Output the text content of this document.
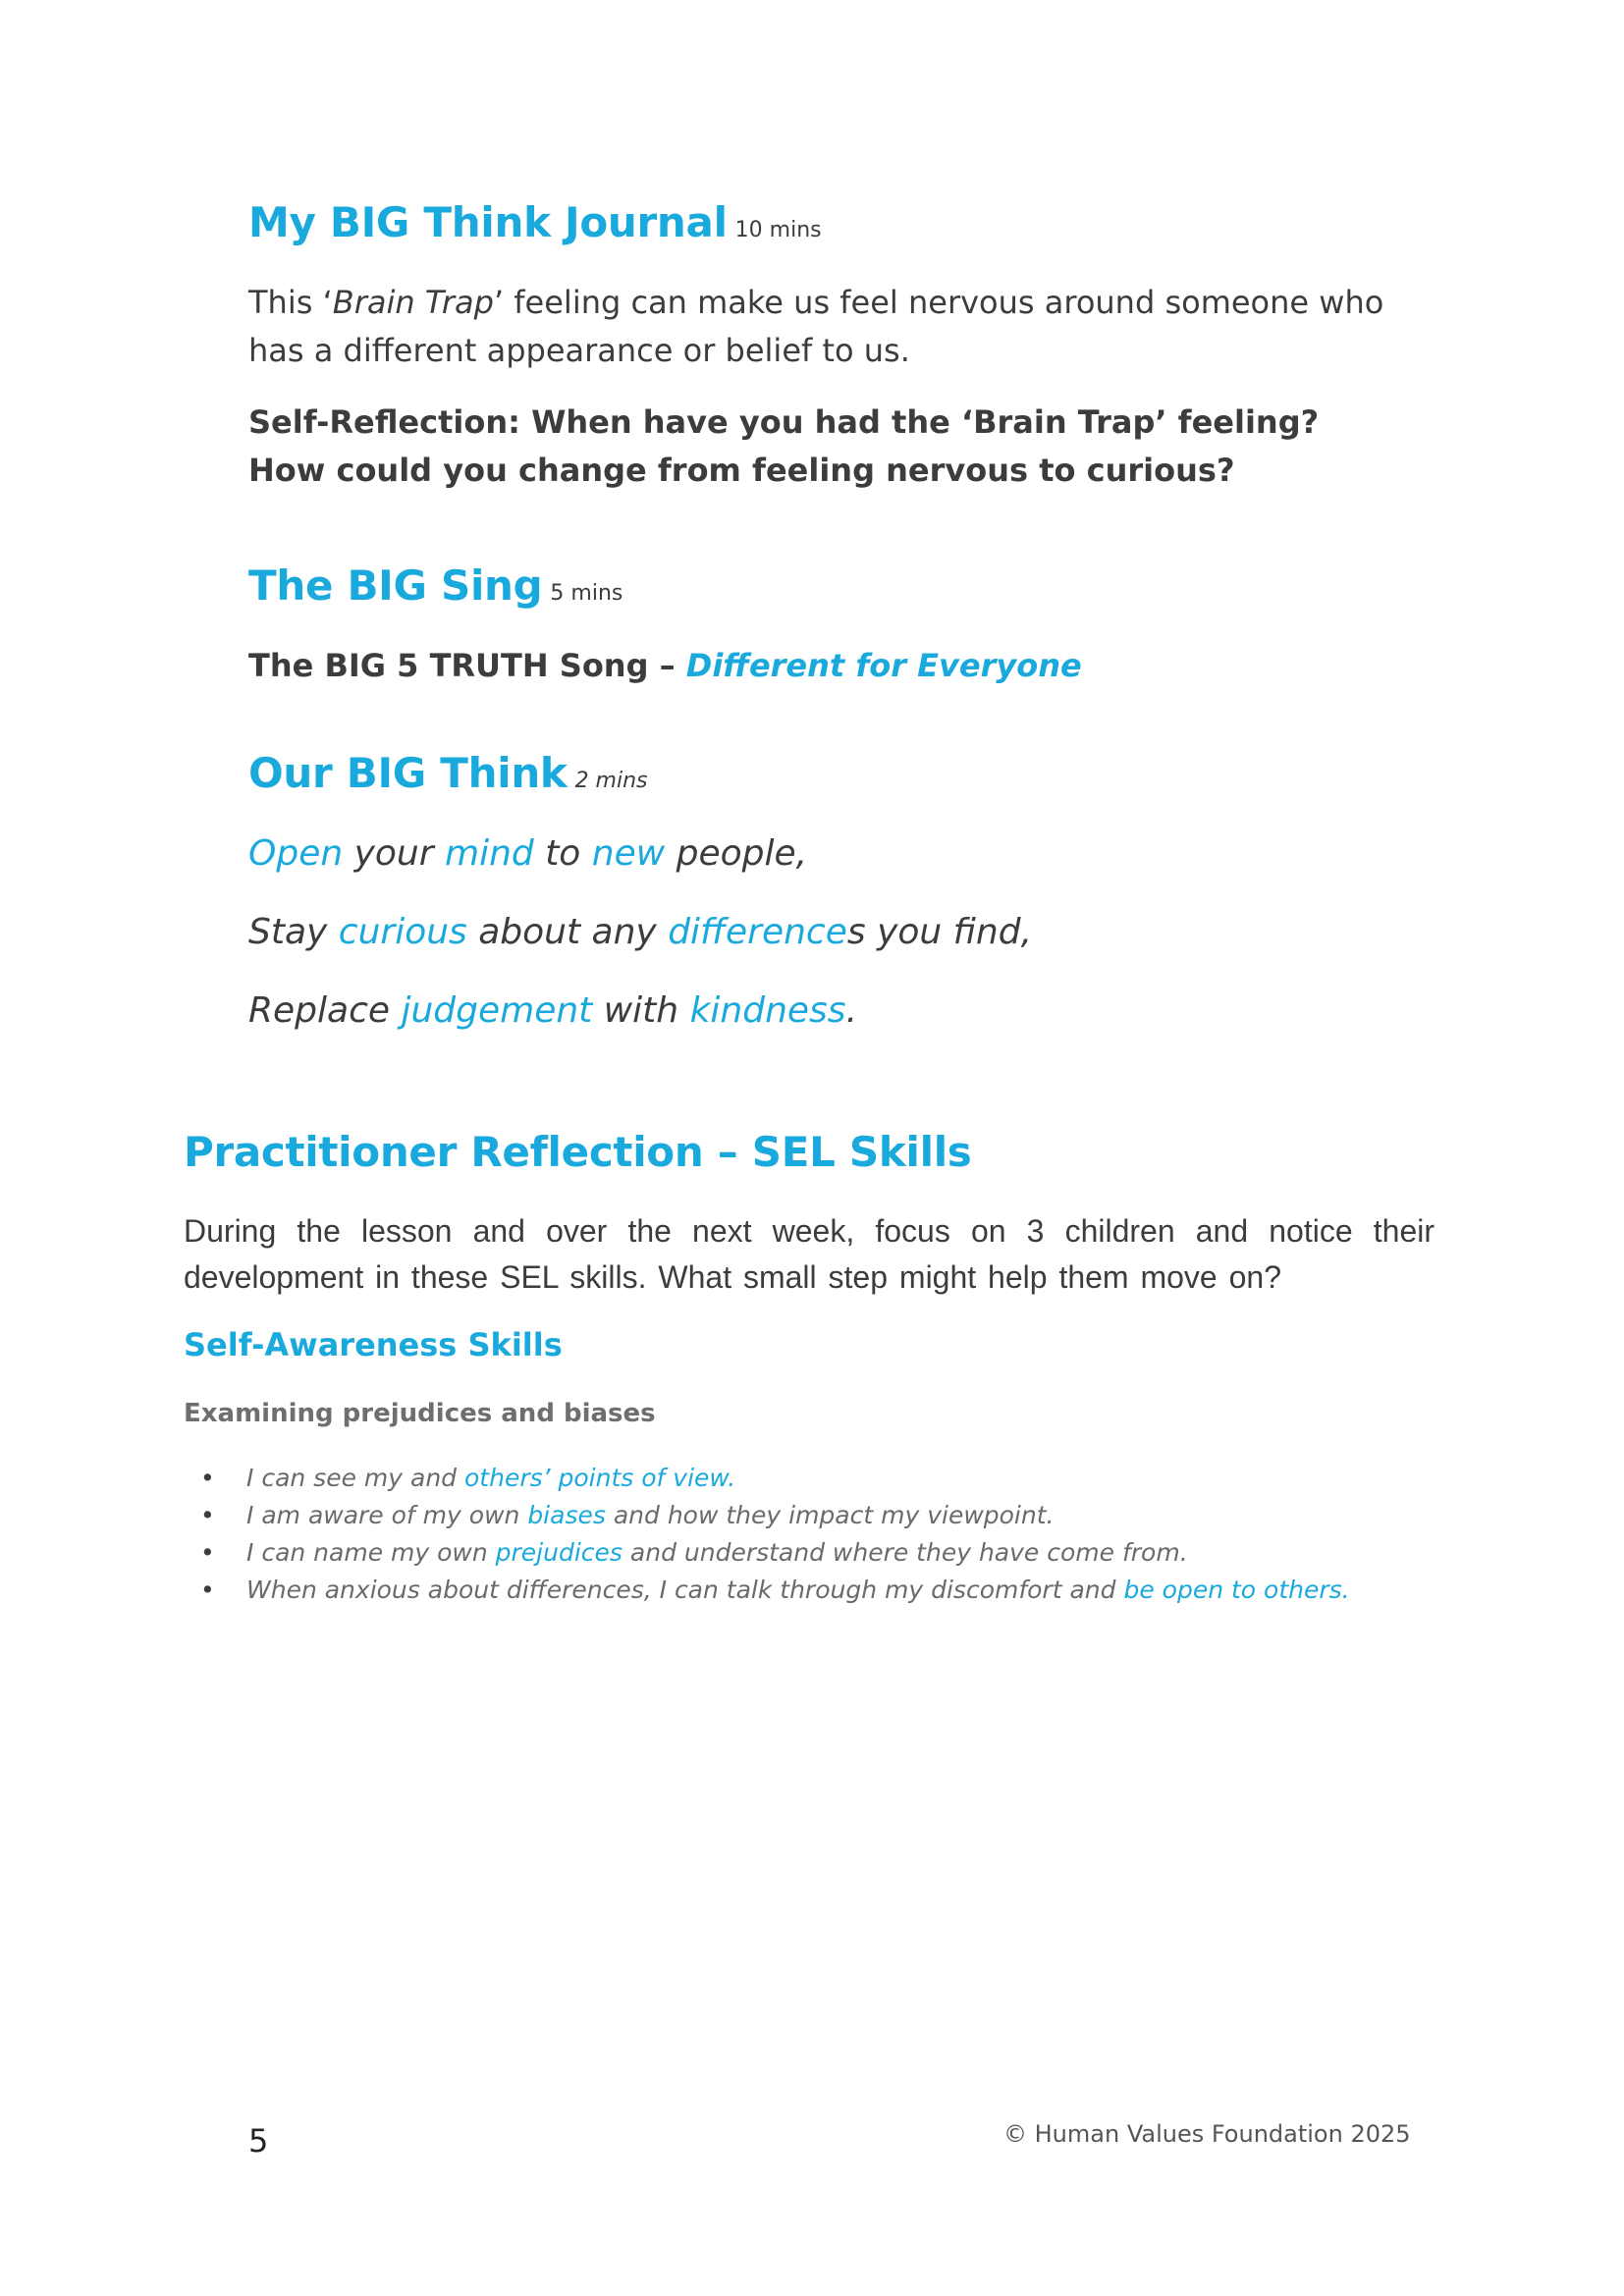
My BIG Think Journal 10 mins
This ‘Brain Trap’ feeling can make us feel nervous around someone who has a different appearance or belief to us.
Self-Reflection: When have you had the ‘Brain Trap’ feeling? How could you change from feeling nervous to curious?
The BIG Sing 5 mins
The BIG 5 TRUTH Song – Different for Everyone
Our BIG Think 2 mins
Open your mind to new people,
Stay curious about any differences you find,
Replace judgement with kindness.
Practitioner Reflection – SEL Skills
During the lesson and over the next week, focus on 3 children and notice their development in these SEL skills. What small step might help them move on?
Self-Awareness Skills
Examining prejudices and biases
• I can see my and others’ points of view.
• I am aware of my own biases and how they impact my viewpoint.
• I can name my own prejudices and understand where they have come from.
• When anxious about differences, I can talk through my discomfort and be open to others.
5	© Human Values Foundation 2025
